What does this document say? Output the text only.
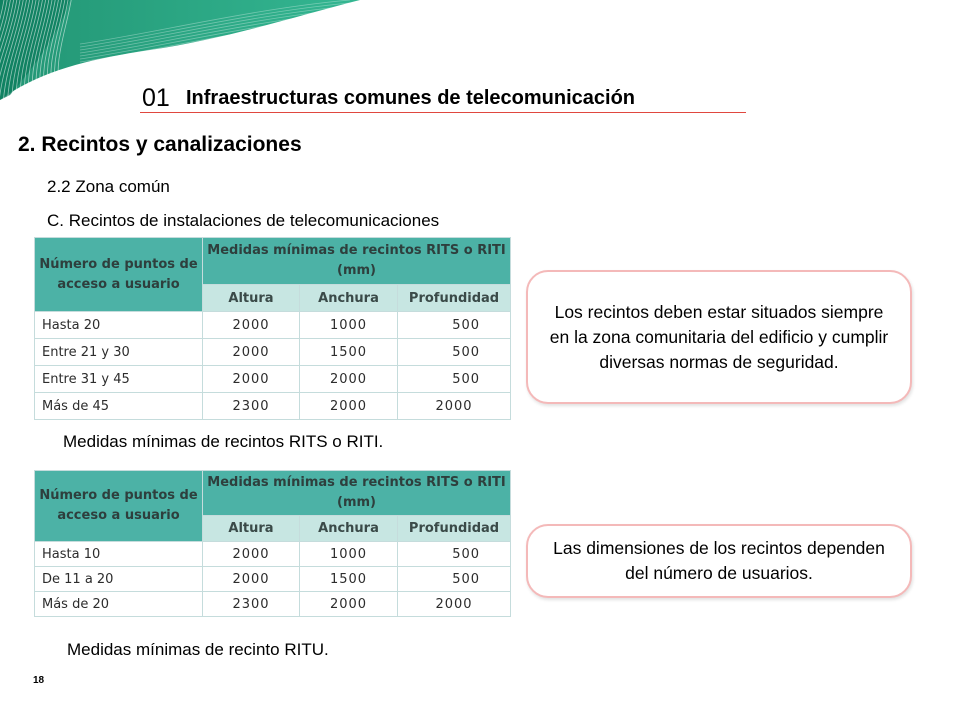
01 Infraestructuras comunes de telecomunicación
2. Recintos y canalizaciones
2.2 Zona común
C. Recintos de instalaciones de telecomunicaciones
Número de puntos de acceso a usuario	Medidas mínimas de recintos RITS o RITI (mm)		
	Altura	Anchura	Profundidad
Hasta 20	2000	1000	500
Entre 21 y 30	2000	1500	500
Entre 31 y 45	2000	2000	500
Más de 45	2300	2000	2000
Medidas mínimas de recintos RITS o RITI.
Número de puntos de acceso a usuario	Medidas mínimas de recintos RITS o RITI (mm)		
	Altura	Anchura	Profundidad
Hasta 10	2000	1000	500
De 11 a 20	2000	1500	500
Más de 20	2300	2000	2000
Medidas mínimas de recinto RITU.
Los recintos deben estar situados siempre en la zona comunitaria del edificio y cumplir diversas normas de seguridad.
Las dimensiones de los recintos dependen del número de usuarios.
18
